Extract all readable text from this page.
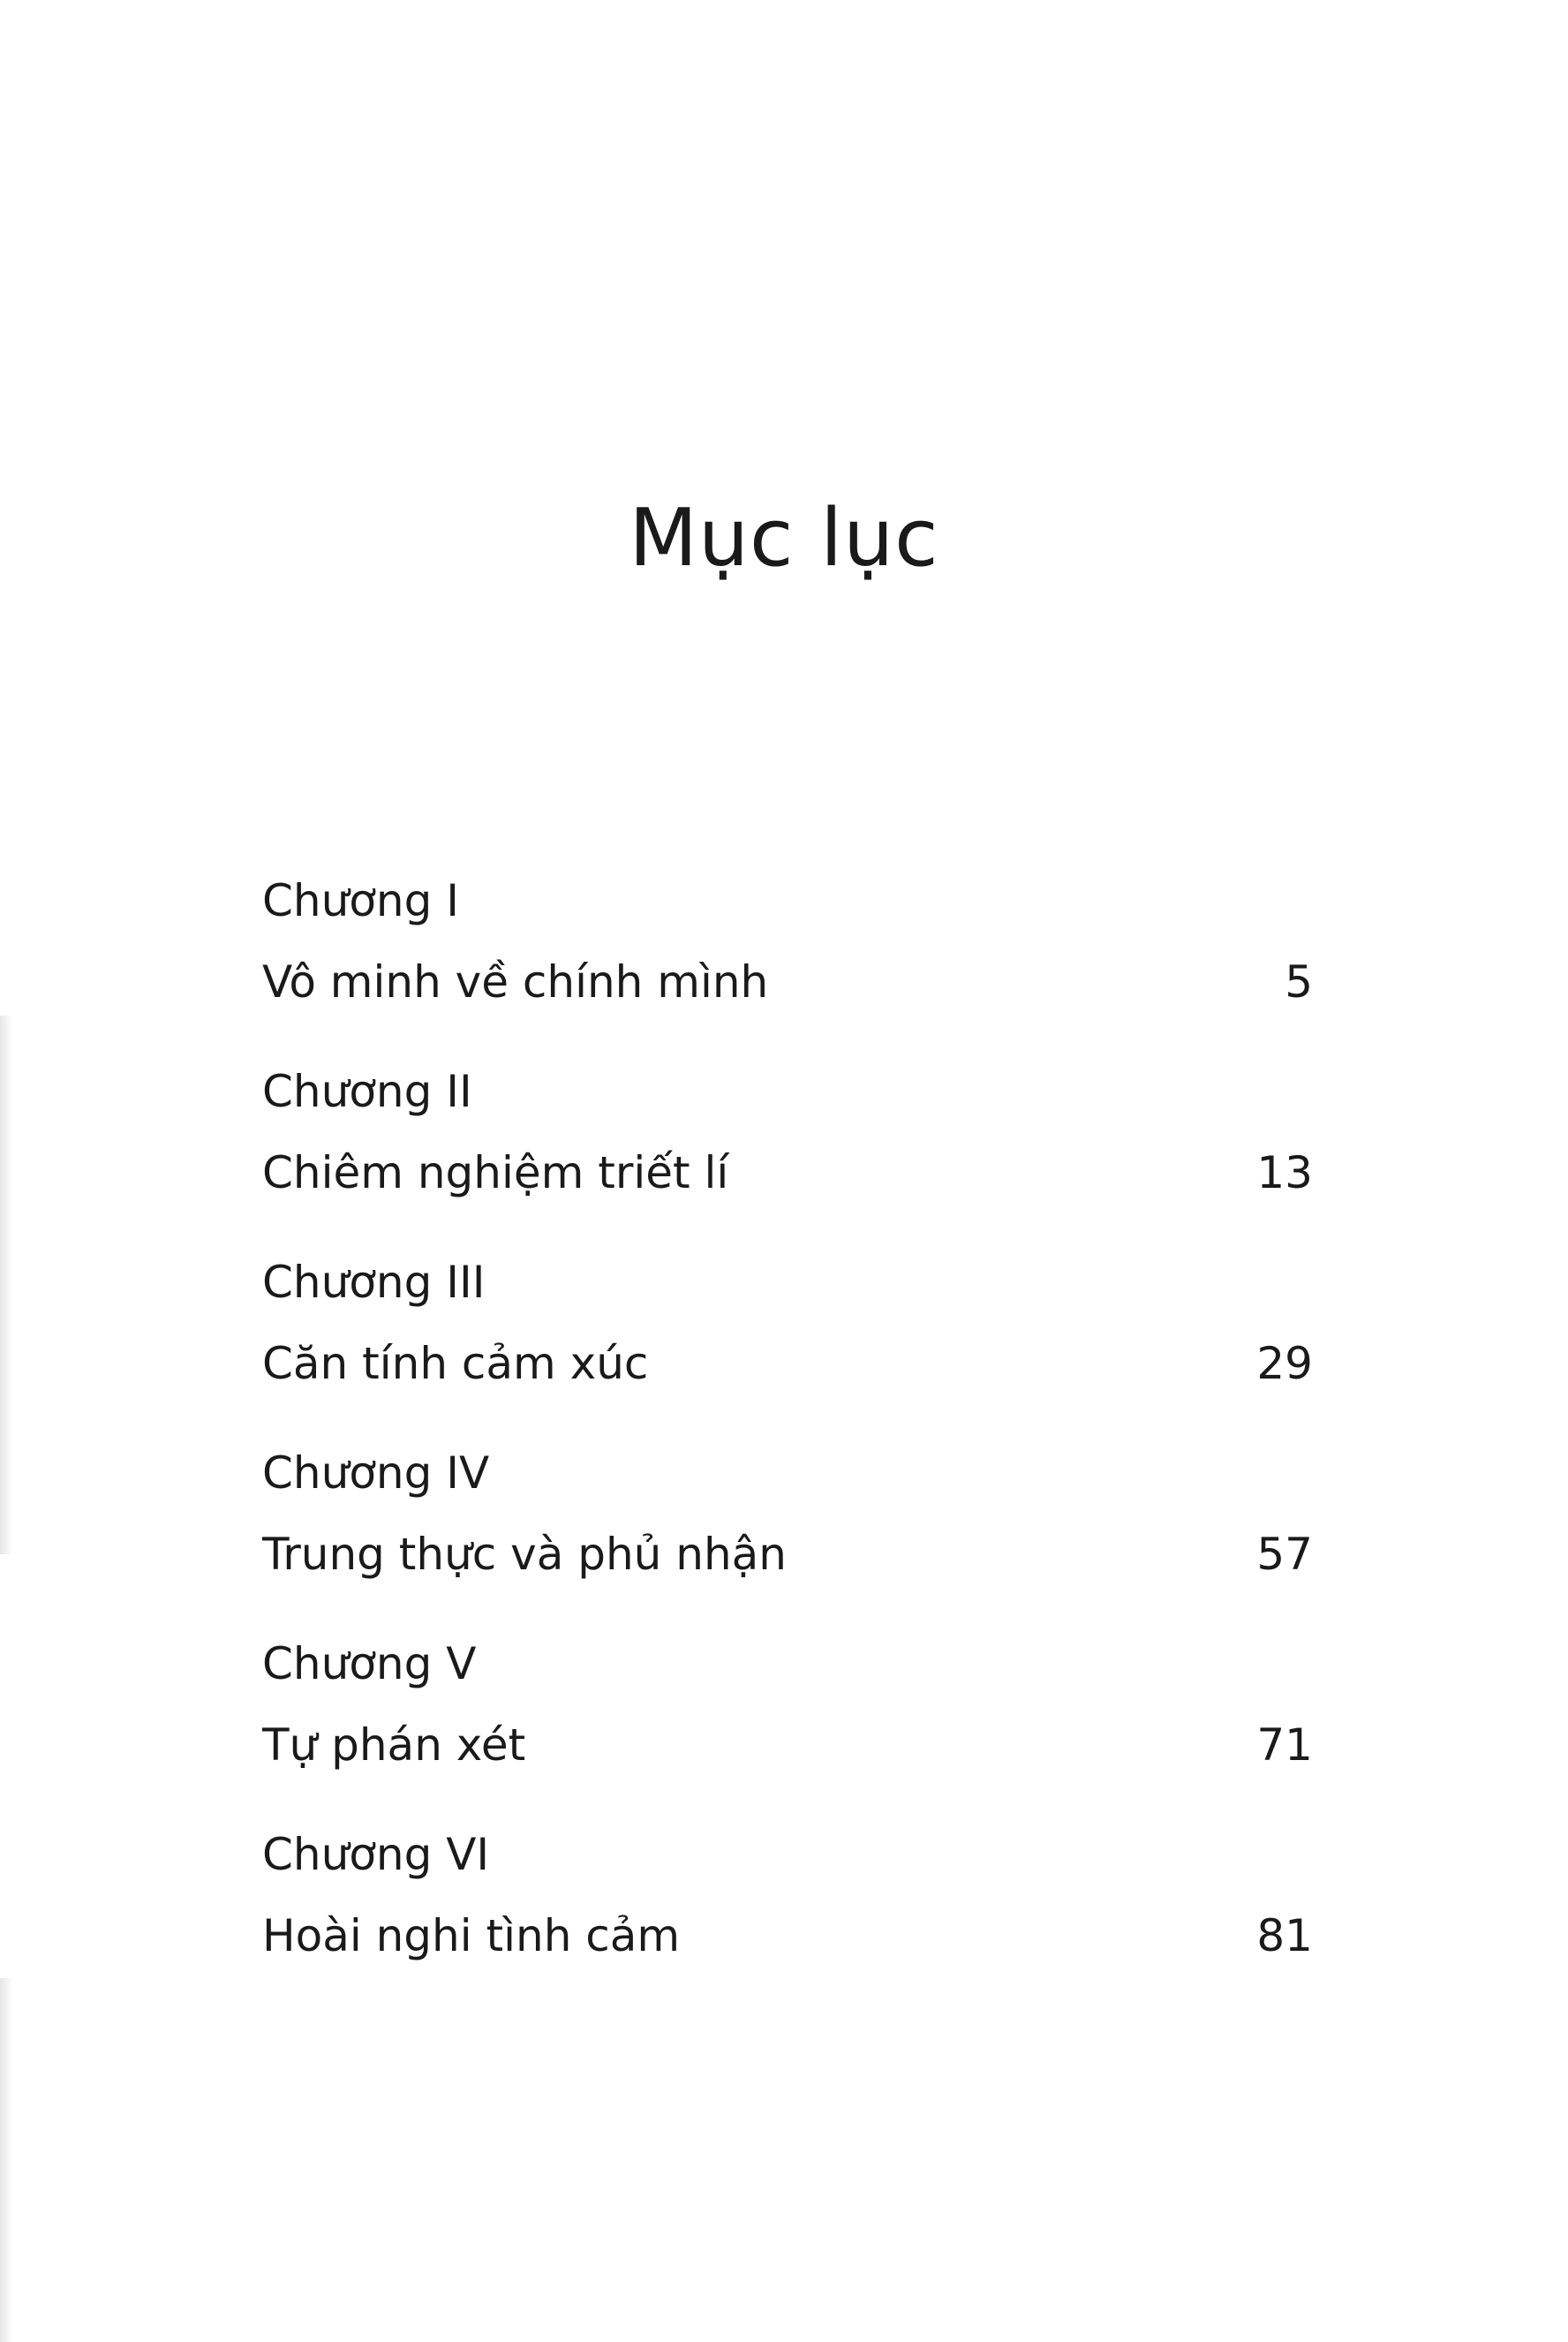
Mục lục
Chương I
Vô minh về chính mình	5
Chương II
Chiêm nghiệm triết lí	13
Chương III
Căn tính cảm xúc	29
Chương IV
Trung thực và phủ nhận	57
Chương V
Tự phán xét	71
Chương VI
Hoài nghi tình cảm	81
